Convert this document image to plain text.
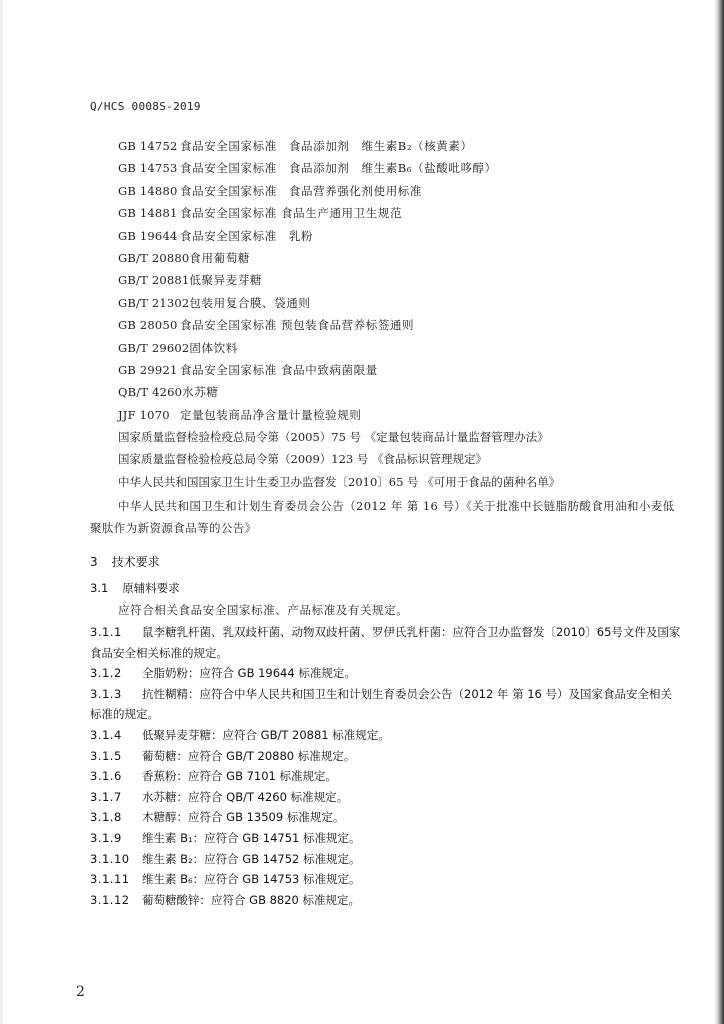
Q/HCS 0008S-2019
GB 14752 食品安全国家标准　食品添加剂　维生素B₂（核黄素）
GB 14753 食品安全国家标准　食品添加剂　维生素B₆（盐酸吡哆醇）
GB 14880 食品安全国家标准　食品营养强化剂使用标准
GB 14881 食品安全国家标准 食品生产通用卫生规范
GB 19644 食品安全国家标准　乳粉
GB/T 20880食用葡萄糖
GB/T 20881低聚异麦芽糖
GB/T 21302包装用复合膜、袋通则
GB 28050 食品安全国家标准 预包装食品营养标签通则
GB/T 29602固体饮料
GB 29921 食品安全国家标准 食品中致病菌限量
QB/T 4260水苏糖
JJF 1070 定量包装商品净含量计量检验规则
国家质量监督检验检疫总局令第（2005）75 号 《定量包装商品计量监督管理办法》
国家质量监督检验检疫总局令第（2009）123 号 《食品标识管理规定》
中华人民共和国国家卫生计生委卫办监督发〔2010〕65 号 《可用于食品的菌种名单》
中华人民共和国卫生和计划生育委员会公告（2012 年 第 16 号）《关于批准中长链脂肪酸食用油和小麦低聚肽作为新资源食品等的公告》
3 技术要求
3.1 原辅料要求
应符合相关食品安全国家标准、产品标准及有关规定。
3.1.1 鼠李糖乳杆菌、乳双歧杆菌、动物双歧杆菌、罗伊氏乳杆菌：应符合卫办监督发〔2010〕65号文件及国家食品安全相关标准的规定。
3.1.2 全脂奶粉：应符合 GB 19644 标准规定。
3.1.3 抗性糊精：应符合中华人民共和国卫生和计划生育委员会公告（2012 年 第 16 号）及国家食品安全相关标准的规定。
3.1.4 低聚异麦芽糖：应符合 GB/T 20881 标准规定。
3.1.5 葡萄糖：应符合 GB/T 20880 标准规定。
3.1.6 香蕉粉：应符合 GB 7101 标准规定。
3.1.7 水苏糖：应符合 QB/T 4260 标准规定。
3.1.8 木糖醇：应符合 GB 13509 标准规定。
3.1.9 维生素 B₁：应符合 GB 14751 标准规定。
3.1.10 维生素 B₂：应符合 GB 14752 标准规定。
3.1.11 维生素 B₆：应符合 GB 14753 标准规定。
3.1.12 葡萄糖酸锌：应符合 GB 8820 标准规定。
2
